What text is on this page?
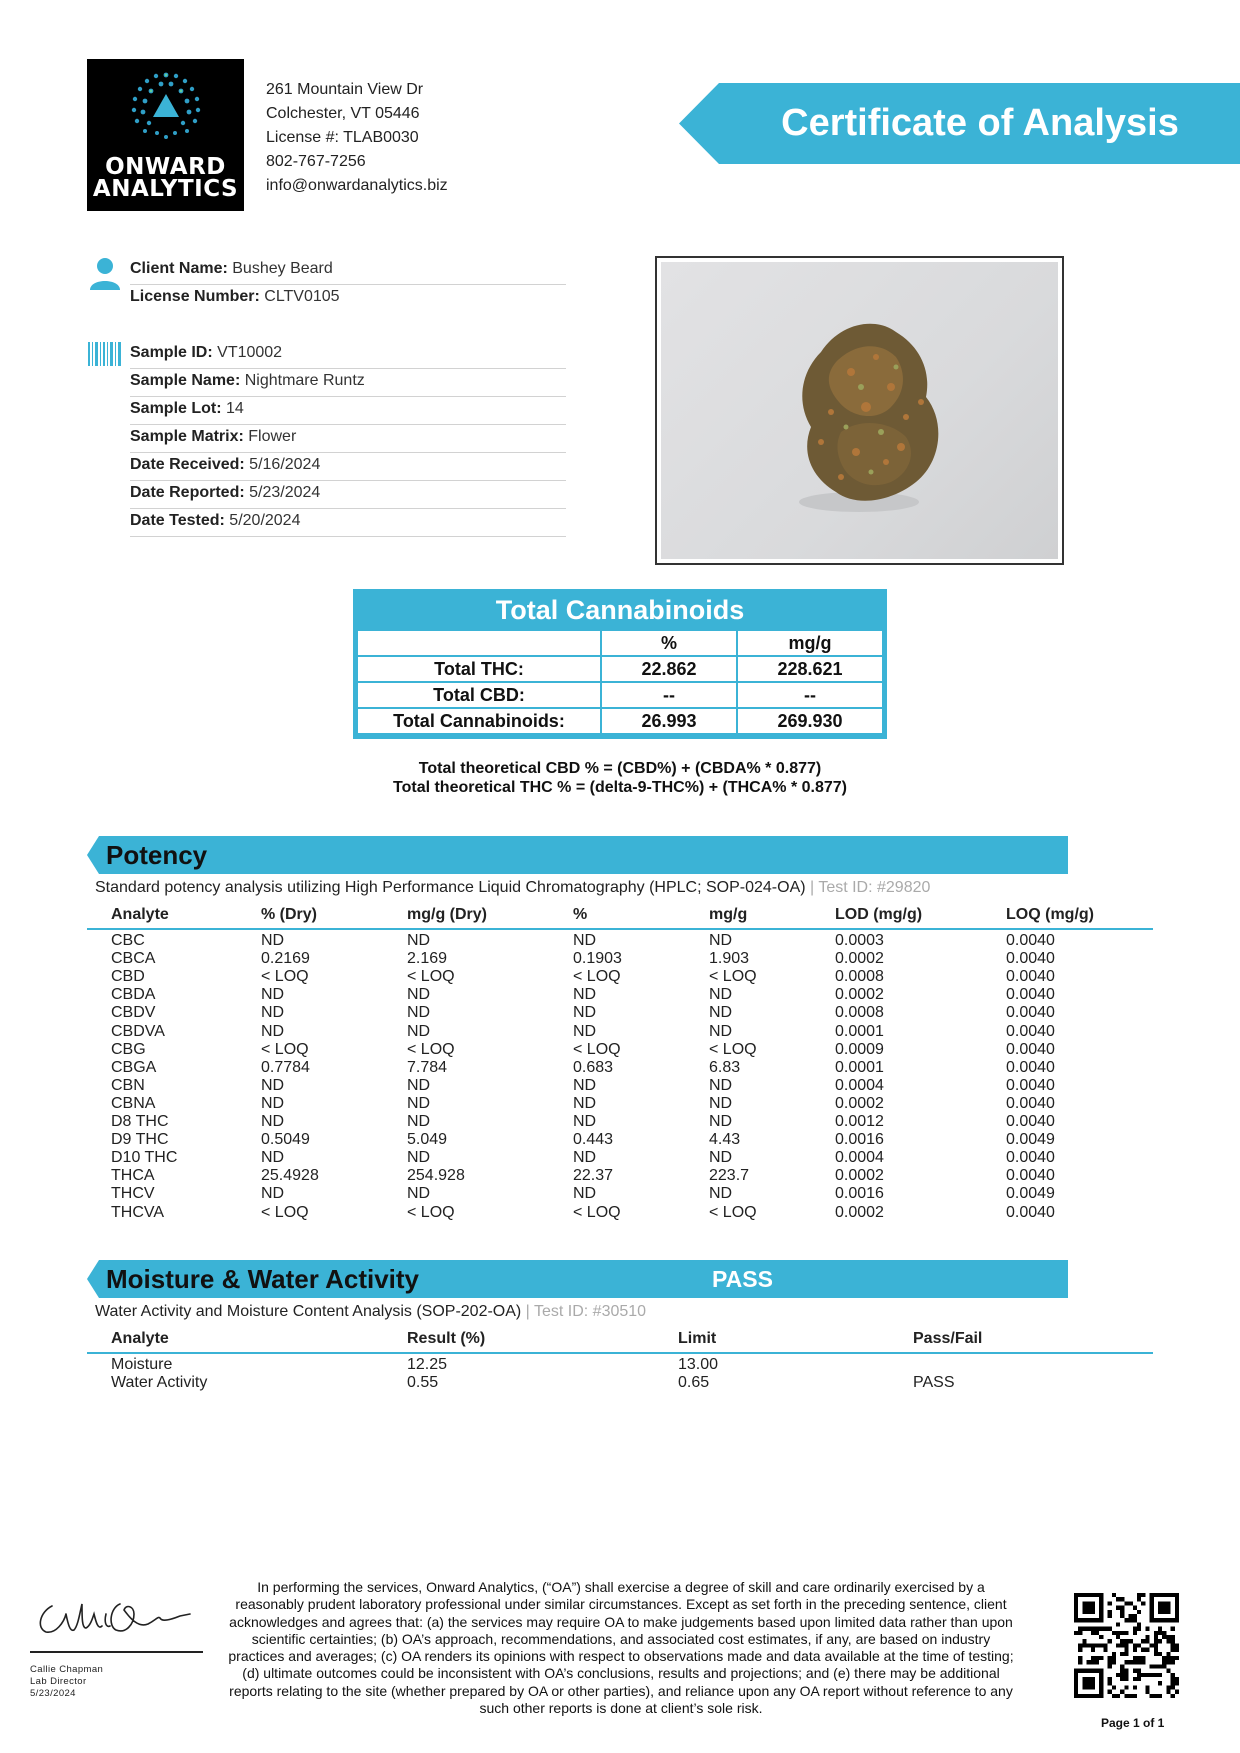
ONWARD
ANALYTICS
261 Mountain View Dr
Colchester, VT 05446
License #: TLAB0030
802-767-7256
info@onwardanalytics.biz
Certificate of Analysis
Client Name: Bushey Beard
License Number: CLTV0105
Sample ID: VT10002
Sample Name: Nightmare Runtz
Sample Lot: 14
Sample Matrix: Flower
Date Received: 5/16/2024
Date Reported: 5/23/2024
Date Tested: 5/20/2024
Total Cannabinoids
	%	mg/g
Total THC:	22.862	228.621
Total CBD:	--	--
Total Cannabinoids:	26.993	269.930
Total theoretical CBD % = (CBD%) + (CBDA% * 0.877)
Total theoretical THC % = (delta-9-THC%) + (THCA% * 0.877)
Potency
Standard potency analysis utilizing High Performance Liquid Chromatography (HPLC; SOP-024-OA) | Test ID: #29820
Analyte	% (Dry)	mg/g (Dry)	%	mg/g	LOD (mg/g)	LOQ (mg/g)
CBC	ND	ND	ND	ND	0.0003	0.0040
CBCA	0.2169	2.169	0.1903	1.903	0.0002	0.0040
CBD	< LOQ	< LOQ	< LOQ	< LOQ	0.0008	0.0040
CBDA	ND	ND	ND	ND	0.0002	0.0040
CBDV	ND	ND	ND	ND	0.0008	0.0040
CBDVA	ND	ND	ND	ND	0.0001	0.0040
CBG	< LOQ	< LOQ	< LOQ	< LOQ	0.0009	0.0040
CBGA	0.7784	7.784	0.683	6.83	0.0001	0.0040
CBN	ND	ND	ND	ND	0.0004	0.0040
CBNA	ND	ND	ND	ND	0.0002	0.0040
D8 THC	ND	ND	ND	ND	0.0012	0.0040
D9 THC	0.5049	5.049	0.443	4.43	0.0016	0.0049
D10 THC	ND	ND	ND	ND	0.0004	0.0040
THCA	25.4928	254.928	22.37	223.7	0.0002	0.0040
THCV	ND	ND	ND	ND	0.0016	0.0049
THCVA	< LOQ	< LOQ	< LOQ	< LOQ	0.0002	0.0040
Moisture & Water Activity	PASS
Water Activity and Moisture Content Analysis (SOP-202-OA) | Test ID: #30510
Analyte	Result (%)	Limit	Pass/Fail
Moisture	12.25	13.00
Water Activity	0.55	0.65	PASS
Callie Chapman
Lab Director
5/23/2024
In performing the services, Onward Analytics, (“OA”) shall exercise a degree of skill and care ordinarily exercised by a reasonably prudent laboratory professional under similar circumstances. Except as set forth in the preceding sentence, client acknowledges and agrees that: (a) the services may require OA to make judgements based upon limited data rather than upon scientific certainties; (b) OA’s approach, recommendations, and associated cost estimates, if any, are based on industry practices and averages; (c) OA renders its opinions with respect to observations made and data available at the time of testing; (d) ultimate outcomes could be inconsistent with OA’s conclusions, results and projections; and (e) there may be additional reports relating to the site (whether prepared by OA or other parties), and reliance upon any OA report without reference to any such other reports is done at client’s sole risk.
Page 1 of 1
